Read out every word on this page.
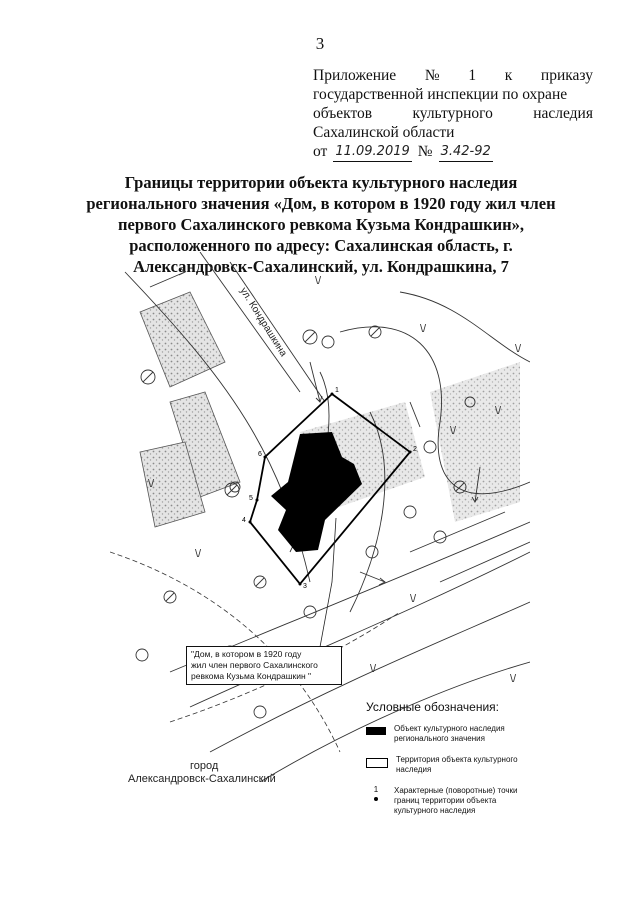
3
Приложение № 1 к приказу
государственной инспекции по охране
объектов	культурного	наследия
Сахалинской области
от 11.09.2019 № 3.42-92
Границы территории объекта культурного наследия регионального значения «Дом, в котором в 1920 году жил член первого Сахалинского ревкома Кузьма Кондрашкин», расположенного по адресу: Сахалинская область, г. Александровск-Сахалинский, ул. Кондрашкина, 7
\/
\/
\/
\/
\/
\/
\/
\/
\/
\/
1
2
3
4
5
6
ул. Кондрашкина
"Дом, в котором в 1920 году
жил член первого Сахалинского
ревкома Кузьма Кондрашкин "
город
Александровск-Сахалинский
Условные обозначения:
Объект культурного наследия регионального значения
Территория объекта культурного наследия
1	Характерные (поворотные) точки границ территории объекта культурного наследия
